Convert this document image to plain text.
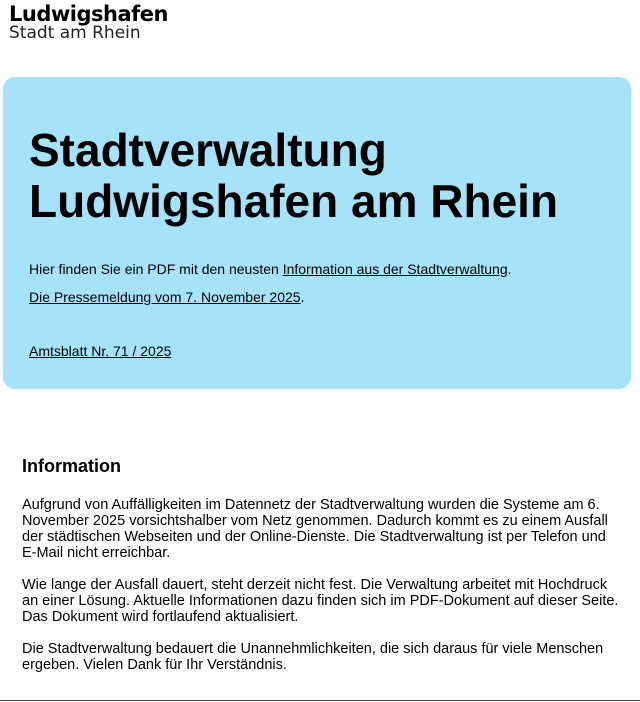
Ludwigshafen
Stadt am Rhein
Stadtverwaltung
Ludwigshafen am Rhein

Hier finden Sie ein PDF mit den neusten Information aus der Stadtverwaltung.

Die Pressemeldung vom 7. November 2025.

Amtsblatt Nr. 71 / 2025

Information

Aufgrund von Auffälligkeiten im Datennetz der Stadtverwaltung wurden die Systeme am 6. November 2025 vorsichtshalber vom Netz genommen. Dadurch kommt es zu einem Ausfall der städtischen Webseiten und der Online-Dienste. Die Stadtverwaltung ist per Telefon und E-Mail nicht erreichbar.

Wie lange der Ausfall dauert, steht derzeit nicht fest. Die Verwaltung arbeitet mit Hochdruck an einer Lösung. Aktuelle Informationen dazu finden sich im PDF-Dokument auf dieser Seite. Das Dokument wird fortlaufend aktualisiert.

Die Stadtverwaltung bedauert die Unannehmlichkeiten, die sich daraus für viele Menschen ergeben. Vielen Dank für Ihr Verständnis.
